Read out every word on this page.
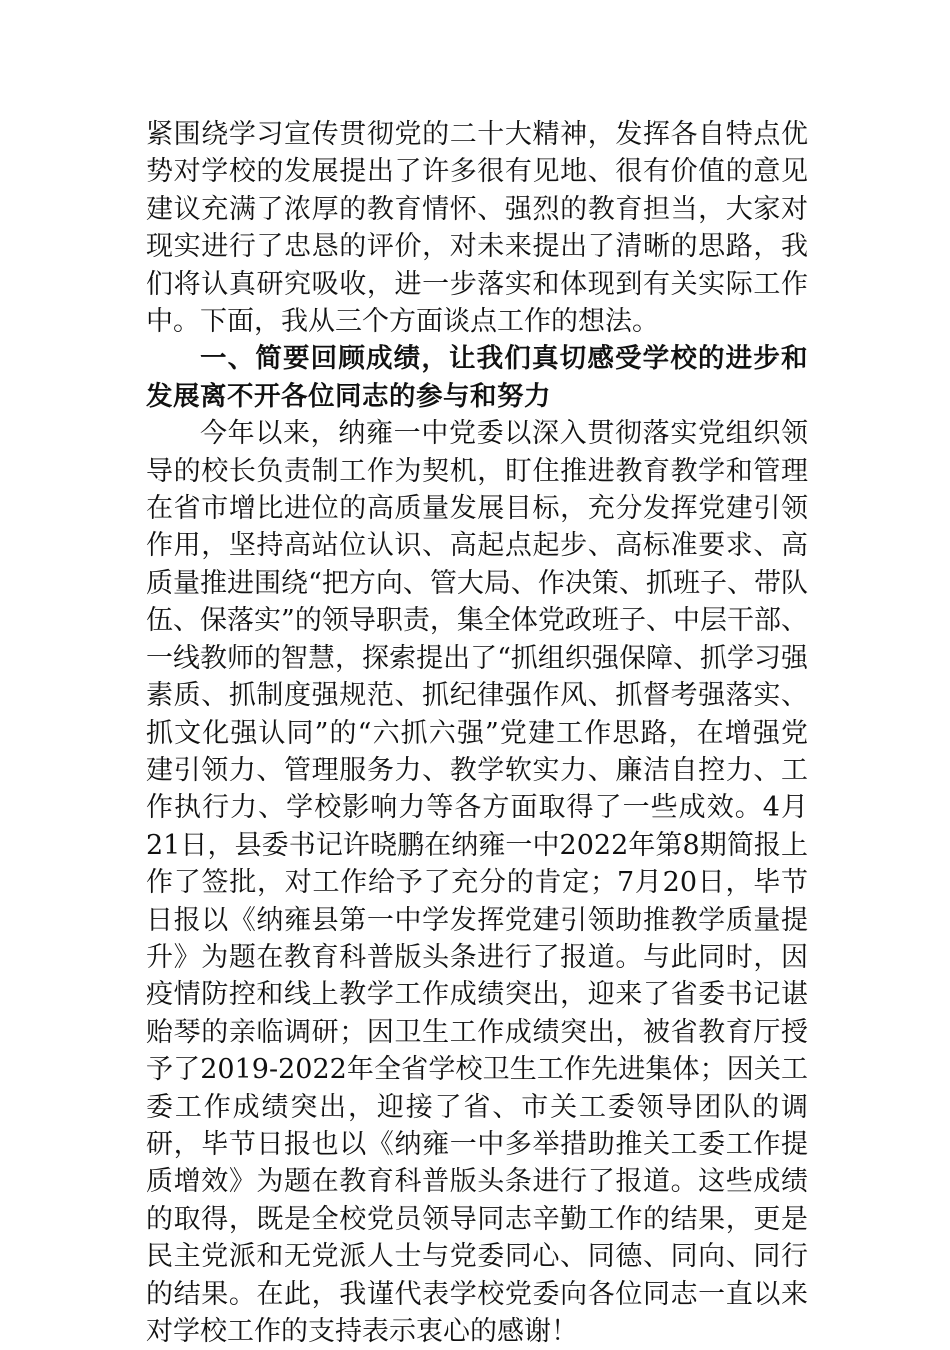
紧围绕学习宣传贯彻党的二十大精神，发挥各自特点优势对学校的发展提出了许多很有见地、很有价值的意见建议充满了浓厚的教育情怀、强烈的教育担当，大家对现实进行了忠恳的评价，对未来提出了清晰的思路，我们将认真研究吸收，进一步落实和体现到有关实际工作中。下面，我从三个方面谈点工作的想法。

一、简要回顾成绩，让我们真切感受学校的进步和发展离不开各位同志的参与和努力

今年以来，纳雍一中党委以深入贯彻落实党组织领导的校长负责制工作为契机，盯住推进教育教学和管理在省市增比进位的高质量发展目标，充分发挥党建引领作用，坚持高站位认识、高起点起步、高标准要求、高质量推进围绕“把方向、管大局、作决策、抓班子、带队伍、保落实”的领导职责，集全体党政班子、中层干部、一线教师的智慧，探索提出了“抓组织强保障、抓学习强素质、抓制度强规范、抓纪律强作风、抓督考强落实、抓文化强认同”的“六抓六强”党建工作思路，在增强党建引领力、管理服务力、教学软实力、廉洁自控力、工作执行力、学校影响力等各方面取得了一些成效。4月21日，县委书记许晓鹏在纳雍一中2022年第8期简报上作了签批，对工作给予了充分的肯定；7月20日，毕节日报以《纳雍县第一中学发挥党建引领助推教学质量提升》为题在教育科普版头条进行了报道。与此同时，因疫情防控和线上教学工作成绩突出，迎来了省委书记谌贻琴的亲临调研；因卫生工作成绩突出，被省教育厅授予了2019-2022年全省学校卫生工作先进集体；因关工委工作成绩突出，迎接了省、市关工委领导团队的调研，毕节日报也以《纳雍一中多举措助推关工委工作提质增效》为题在教育科普版头条进行了报道。这些成绩的取得，既是全校党员领导同志辛勤工作的结果，更是民主党派和无党派人士与党委同心、同德、同向、同行的结果。在此，我谨代表学校党委向各位同志一直以来对学校工作的支持表示衷心的感谢！
